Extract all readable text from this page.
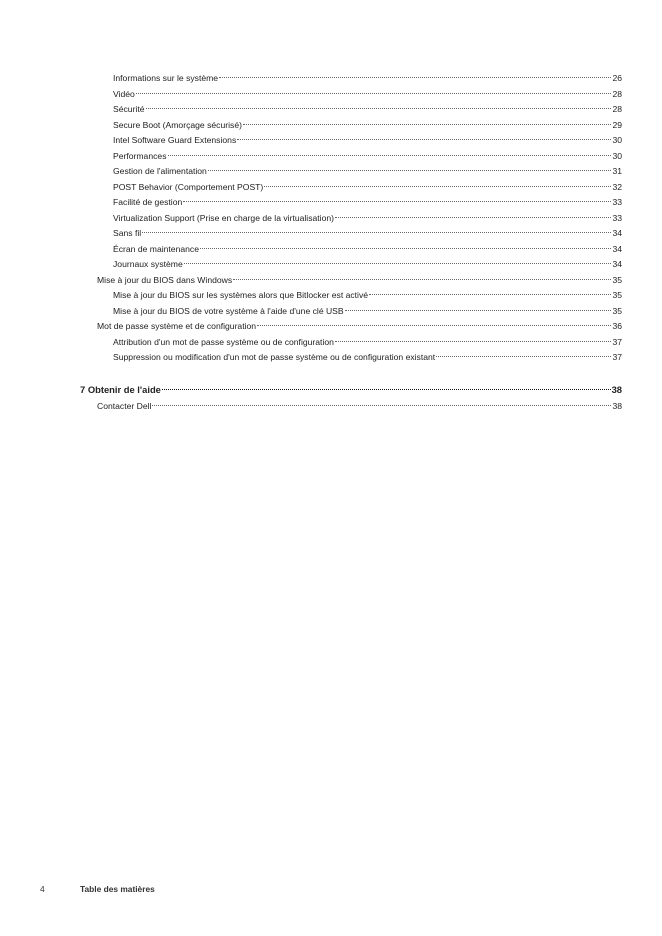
Informations sur le système	26
Vidéo	28
Sécurité	28
Secure Boot (Amorçage sécurisé)	29
Intel Software Guard Extensions	30
Performances	30
Gestion de l'alimentation	31
POST Behavior (Comportement POST)	32
Facilité de gestion	33
Virtualization Support (Prise en charge de la virtualisation)	33
Sans fil	34
Écran de maintenance	34
Journaux système	34
Mise à jour du BIOS dans Windows	35
Mise à jour du BIOS sur les systèmes alors que Bitlocker est activé	35
Mise à jour du BIOS de votre système à l'aide d'une clé USB	35
Mot de passe système et de configuration	36
Attribution d'un mot de passe système ou de configuration	37
Suppression ou modification d'un mot de passe système ou de configuration existant	37
7 Obtenir de l'aide	38
Contacter Dell	38
4	Table des matières
